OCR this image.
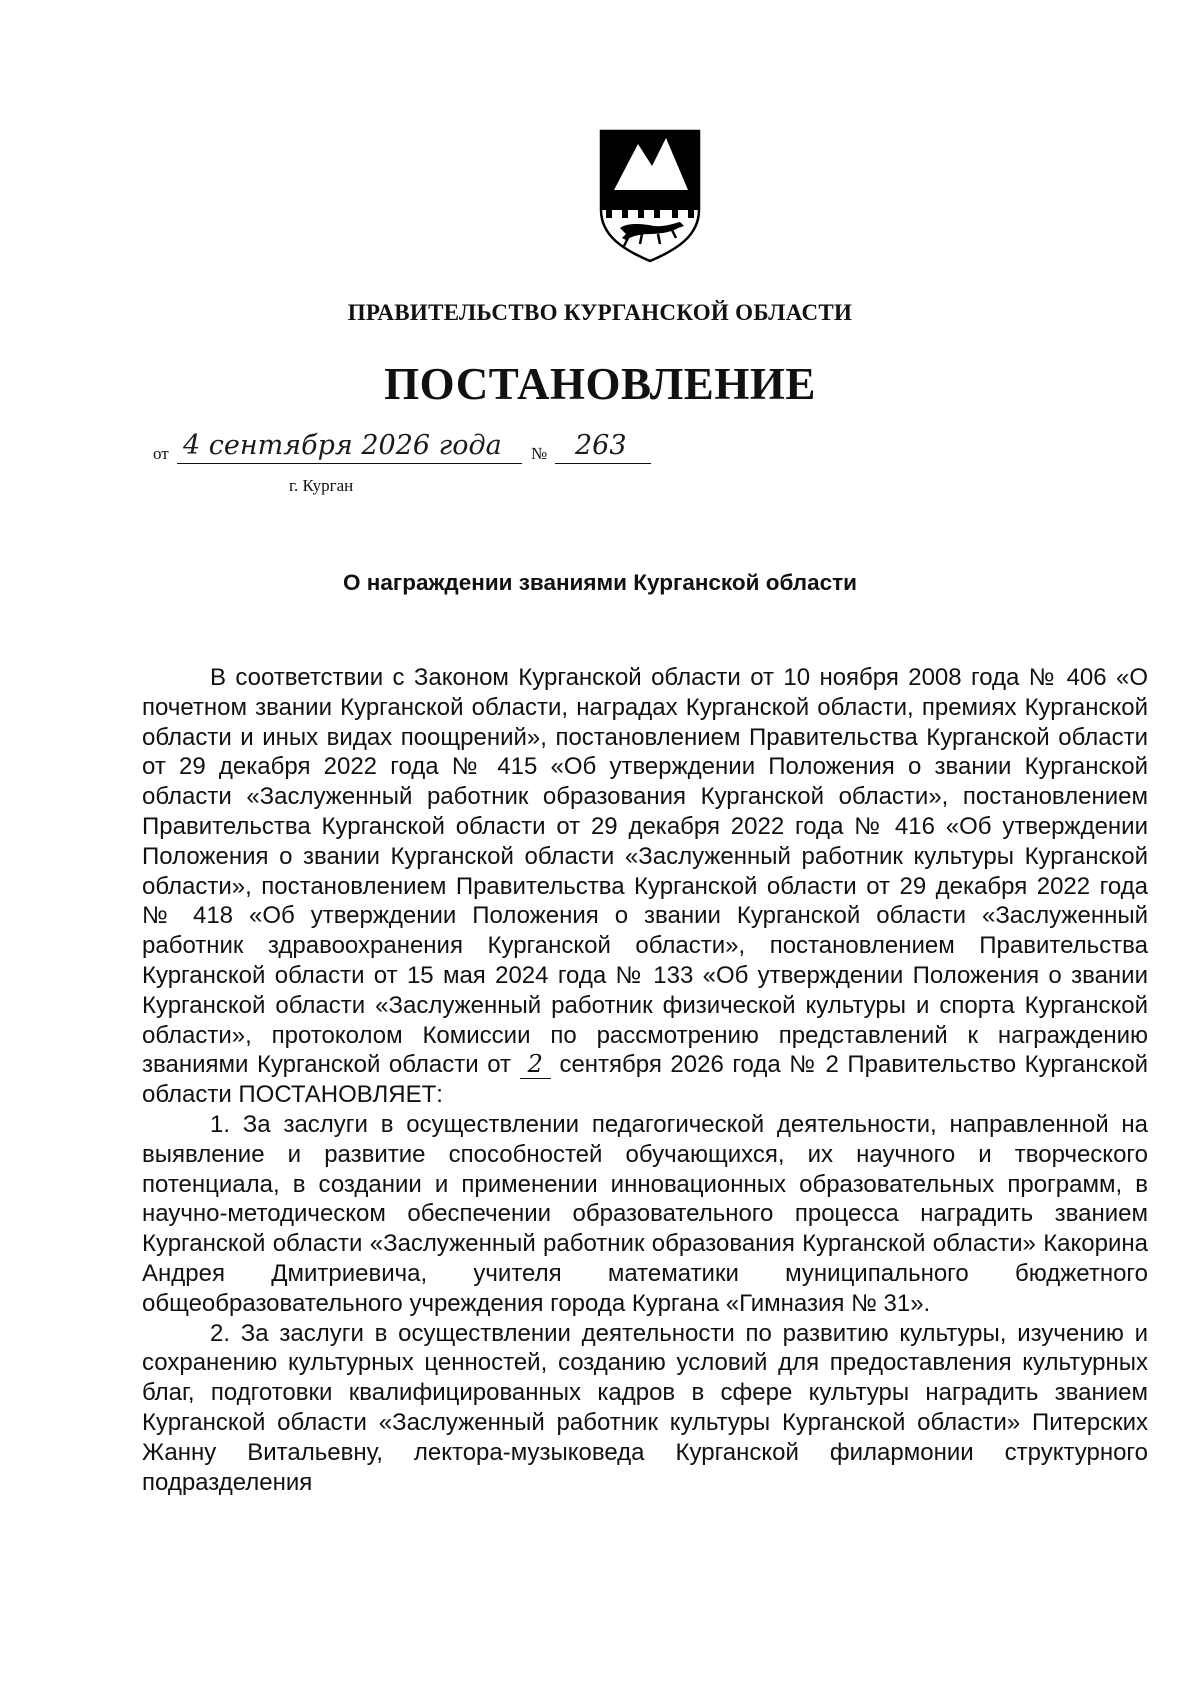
ПРАВИТЕЛЬСТВО КУРГАНСКОЙ ОБЛАСТИ
ПОСТАНОВЛЕНИЕ
от 4 сентября 2026 года № 263
г. Курган
О награждении званиями Курганской области

В соответствии с Законом Курганской области от 10 ноября 2008 года № 406 «О почетном звании Курганской области, наградах Курганской области, премиях Курганской области и иных видах поощрений», постановлением Правительства Курганской области от 29 декабря 2022 года № 415 «Об утверждении Положения о звании Курганской области «Заслуженный работник образования Курганской области», постановлением Правительства Курганской области от 29 декабря 2022 года № 416 «Об утверждении Положения о звании Курганской области «Заслуженный работник культуры Курганской области», постановлением Правительства Курганской области от 29 декабря 2022 года № 418 «Об утверждении Положения о звании Курганской области «Заслуженный работник здравоохранения Курганской области», постановлением Правительства Курганской области от 15 мая 2024 года № 133 «Об утверждении Положения о звании Курганской области «Заслуженный работник физической культуры и спорта Курганской области», протоколом Комиссии по рассмотрению представлений к награждению званиями Курганской области от 2 сентября 2026 года № 2 Правительство Курганской области ПОСТАНОВЛЯЕТ:

1. За заслуги в осуществлении педагогической деятельности, направленной на выявление и развитие способностей обучающихся, их научного и творческого потенциала, в создании и применении инновационных образовательных программ, в научно-методическом обеспечении образовательного процесса наградить званием Курганской области «Заслуженный работник образования Курганской области» Какорина Андрея Дмитриевича, учителя математики муниципального бюджетного общеобразовательного учреждения города Кургана «Гимназия № 31».

2. За заслуги в осуществлении деятельности по развитию культуры, изучению и сохранению культурных ценностей, созданию условий для предоставления культурных благ, подготовки квалифицированных кадров в сфере культуры наградить званием Курганской области «Заслуженный работник культуры Курганской области» Питерских Жанну Витальевну, лектора-музыковеда Курганской филармонии структурного подразделения
